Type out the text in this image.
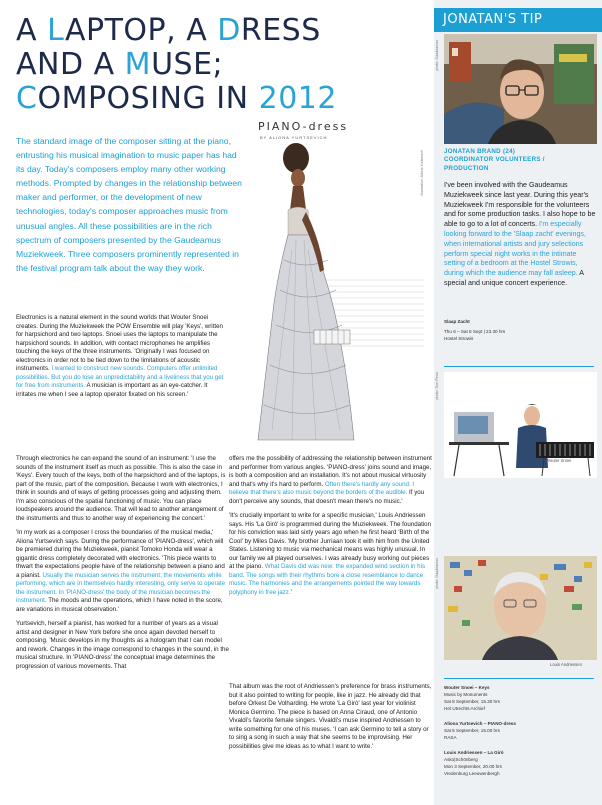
A LAPTOP, A DRESS
AND A MUSE;
COMPOSING IN 2012

The standard image of the composer sitting at the piano, entrusting his musical imagination to music paper has had its day. Today's composers employ many other working methods. Prompted by changes in the relationship between maker and performer, or the development of new technologies, today's composer approaches music from unusual angles. All these possibilities are in the rich spectrum of composers presented by the Gaudeamus Muziekweek. Three composers prominently represented in the festival program talk about the way they work.

PIANO-dress
BY ALIONA YURTSEVICH
illustration: Aliona Yurtsevich

Electronics is a natural element in the sound worlds that Wouter Snoei creates. During the Muziekweek the POW Ensemble will play 'Keys', written for harpsichord and two laptops. Snoei uses the laptops to manipulate the harpsichord sounds. In addition, with contact microphones he amplifies touching the keys of the three instruments. 'Originally I was focused on electronics in order not to be tied down to the limitations of acoustic instruments. I wanted to construct new sounds. Computers offer unlimited possibilities. But you do lose an unpredictability and a liveliness that you get for free from instruments. A musician is important as an eye-catcher. It irritates me when I see a laptop operator fixated on his screen.'

Through electronics he can expand the sound of an instrument: 'I use the sounds of the instrument itself as much as possible. This is also the case in 'Keys'. Every touch of the keys, both of the harpsichord and of the laptops, is part of the music, part of the composition. Because I work with electronics, I think in sounds and of ways of getting processes going and adjusting them. I'm also conscious of the spatial functioning of music. You can place loudspeakers around the audience. That will lead to another arrangement of the instruments and thus to another way of experiencing the concert.'

'In my work as a composer I cross the boundaries of the musical media,' Aliona Yurtsevich says. During the performance of 'PIANO-dress', which will be premiered during the Muziekweek, pianist Tomoko Honda will wear a gigantic dress completely decorated with electronics. 'This piece wants to thwart the expectations people have of the relationship between a piano and a pianist. Usually the musician serves the instrument; the movements while performing, which are in themselves hardly interesting, only serve to operate the instrument. In 'PIANO-dress' the body of the musician becomes the instrument. The moods and the operations, which I have noted in the score, are variations in musical observation.'

Yurtsevich, herself a pianist, has worked for a number of years as a visual artist and designer in New York before she once again devoted herself to composing. 'Music develops in my thoughts as a hologram that I can model and rework. Changes in the image correspond to changes in the sound, in the musical structure. In 'PIANO-dress' the conceptual image determines the progression of various movements. That

offers me the possibility of addressing the relationship between instrument and performer from various angles. 'PIANO-dress' joins sound and image, is both a composition and an installation. It's not about musical virtuosity and that's why it's hard to perform. Often there's hardly any sound. I believe that there's also music beyond the borders of the audible. If you don't perceive any sounds, that doesn't mean there's no music.'

'It's crucially important to write for a specific musician,' Louis Andriessen says. His 'La Girò' is programmed during the Muziekweek. The foundation for his conviction was laid sixty years ago when he first heard 'Birth of the Cool' by Miles Davis. 'My brother Jurriaan took it with him from the United States. Listening to music via mechanical means was highly unusual. In our family we all played ourselves. I was already busy working out pieces at the piano. What Davis did was new: the expanded wind section in his band. The songs with their rhythms bore a close resemblance to dance music. The harmonies and the arrangements pointed the way towards polyphony in free jazz.'

That album was the root of Andriessen's preference for brass instruments, but it also pointed to writing for people, like in jazz. He already did that before Orkest De Volharding. He wrote 'La Girò' last year for violinist Monica Germino. The piece is based on Anna Ciraud, one of Antonio Vivaldi's favorite female singers. Vivaldi's muse inspired Andriessen to write something for one of his muses. 'I can ask Germino to tell a story or to sing a song in such a way that she seems to be improvising. Her possibilities give me ideas as to what I want to write.'

JONATAN'S TIP
photo: Gaudeamus

JONATAN BRAND (24)
COORDINATOR VOLUNTEERS /
PRODUCTION

I've been involved with the Gaudeamus Muziekweek since last year. During this year's Muziekweek I'm responsible for the volunteers and for some production tasks. I also hope to be able to go to a lot of concerts. I'm especially looking forward to the 'Slaap zacht' evenings, when international artists and jury selections perform special night works in the intimate setting of a bedroom at the Hostel Strowis, during which the audience may fall asleep. A special and unique concert experience.

Slaap Zacht

Thu 6 – Sat 8 Sept | 23.30 hrs

Hostel Strowis

photo: Tom Pinck
Wouter Snoei
photo: Gaudeamus
Louis Andriessen

Wouter Snoei – Keys

Music by Monuments

Sat 8 September, 15.30 hrs

Het Utrechts Archief

Aliona Yurtsevich – PIANO-dress

Sat 5 September, 15.00 hrs

RASA

Louis Andriessen – La Girò

Asko|Schönberg

Mon 3 September, 20.00 hrs

Vredenburg Leeuwenbergh
